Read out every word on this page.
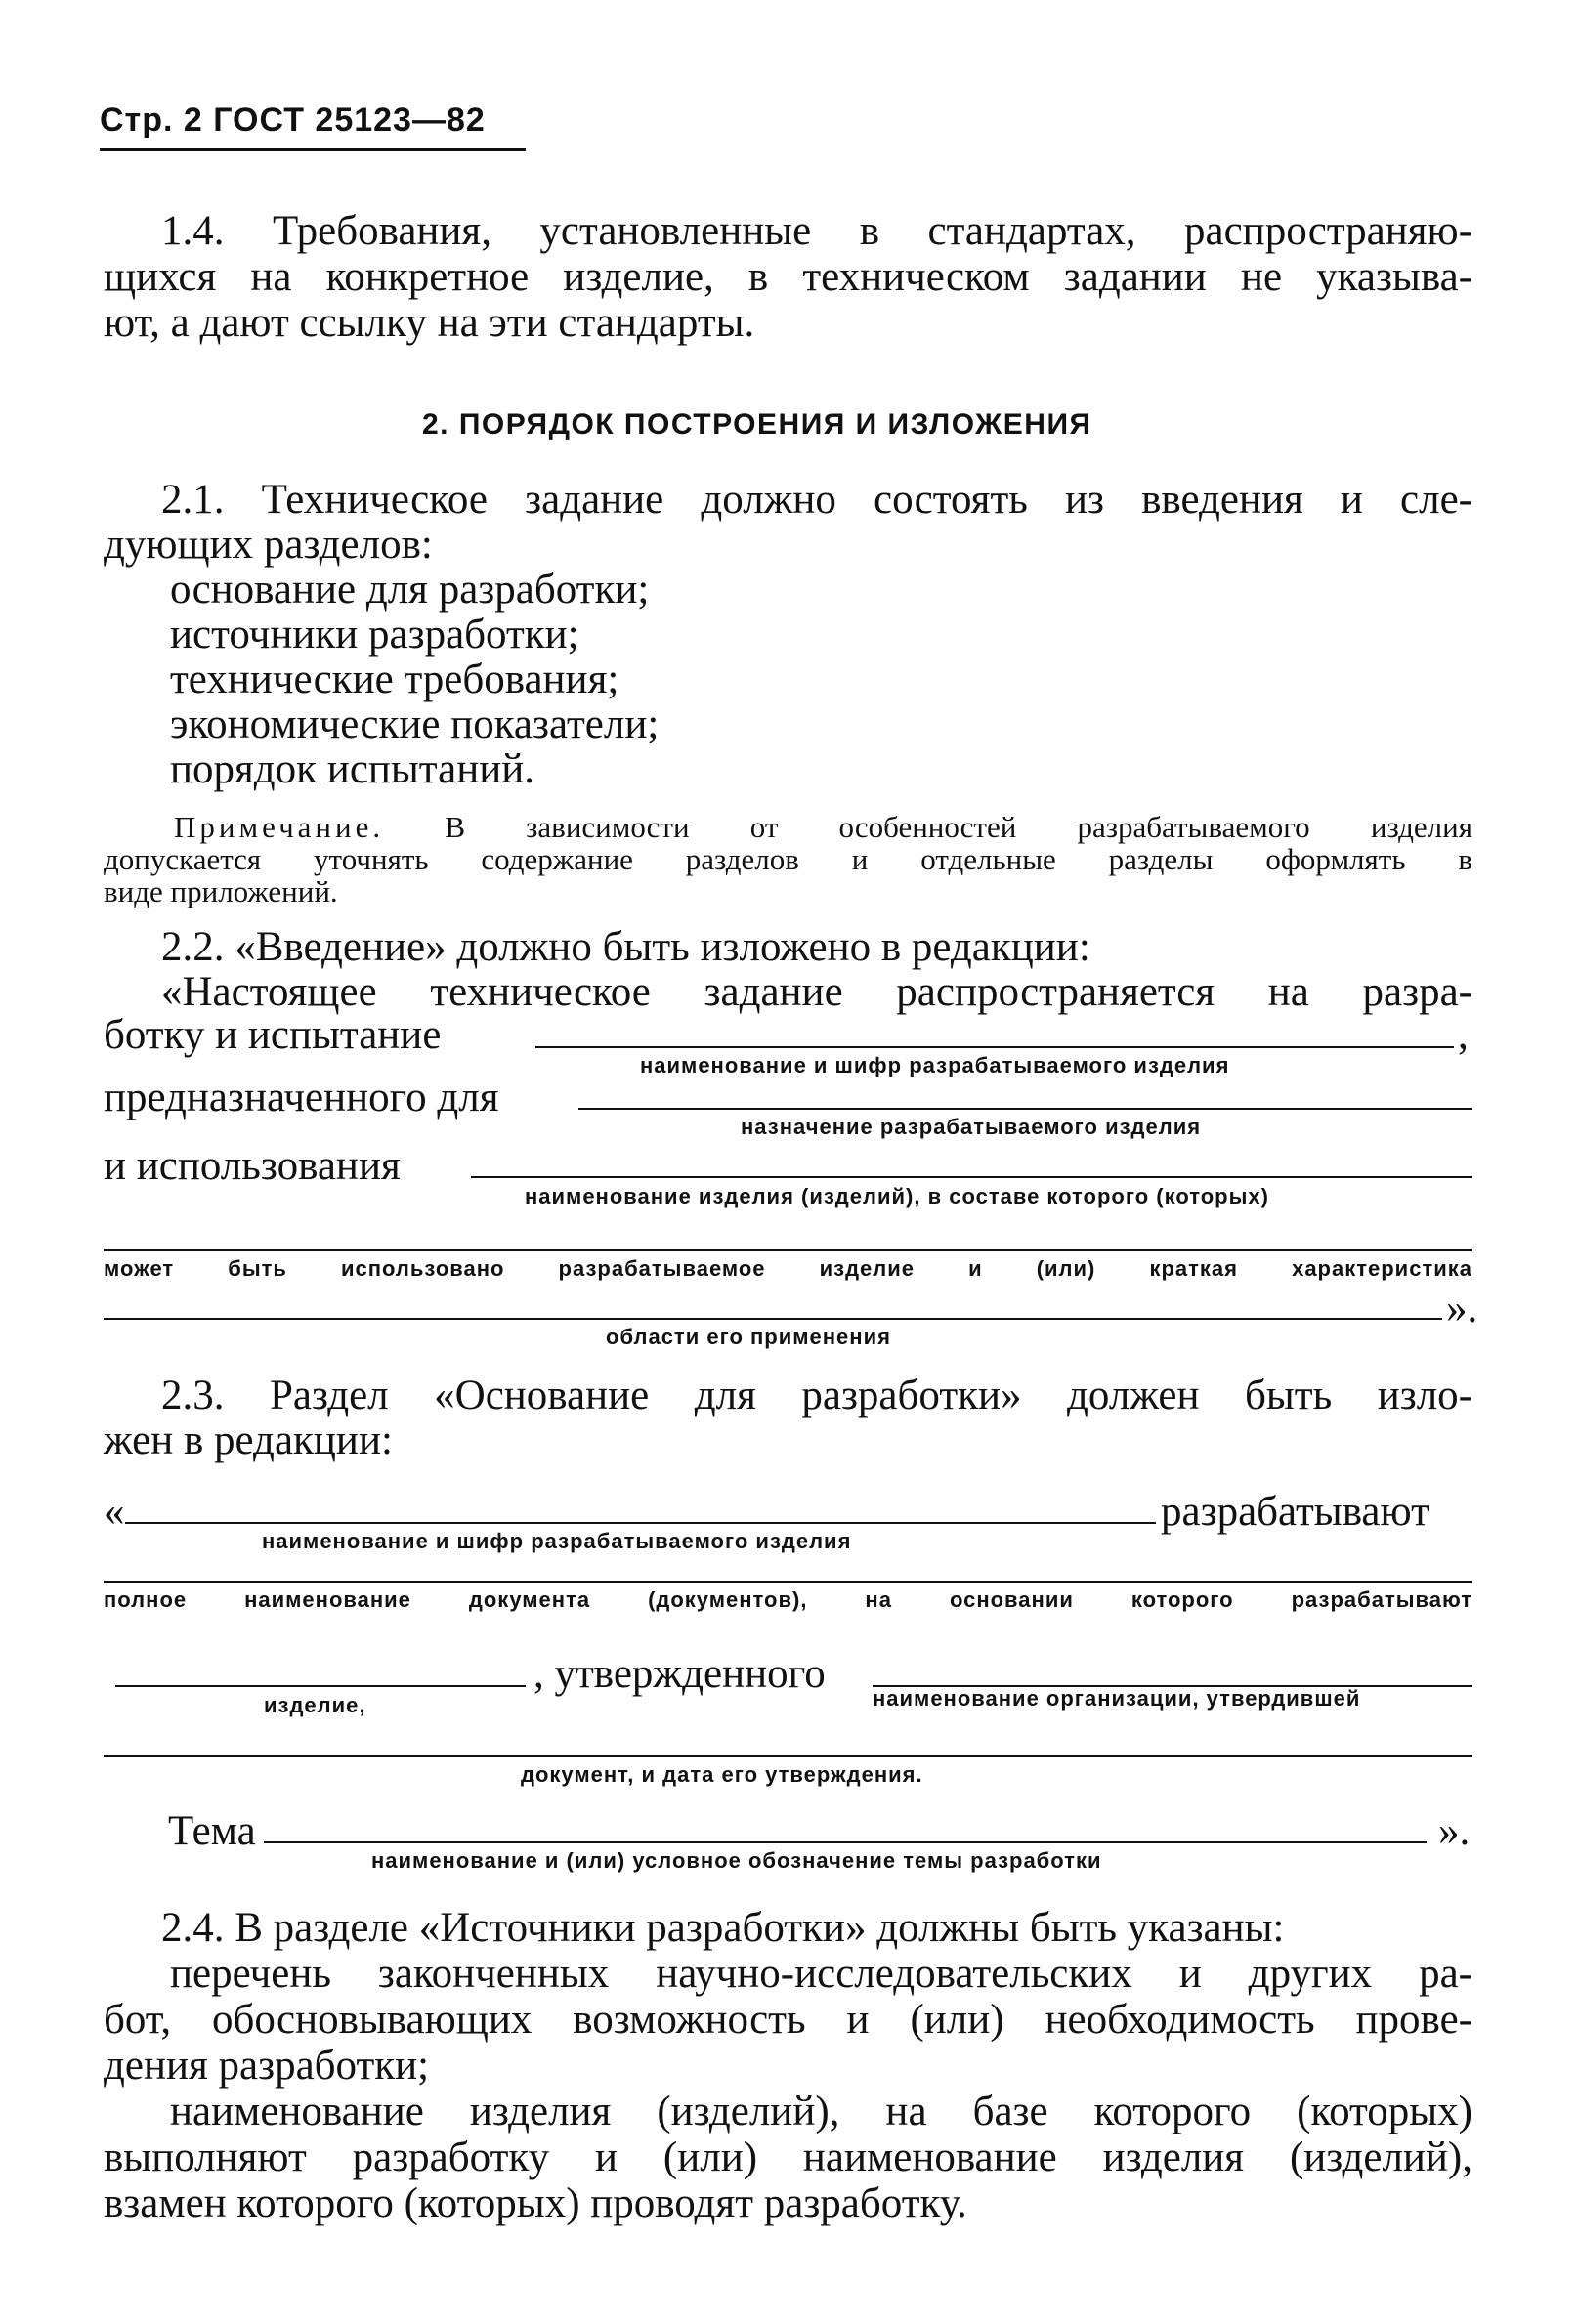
Стр. 2 ГОСТ 25123—82
1.4. Требования, установленные в стандартах, распространяю-
щихся на конкретное изделие, в техническом задании не указыва-
ют, а дают ссылку на эти стандарты.
2. ПОРЯДОК ПОСТРОЕНИЯ И ИЗЛОЖЕНИЯ
2.1. Техническое задание должно состоять из введения и сле-
дующих разделов:
основание для разработки;
источники разработки;
технические требования;
экономические показатели;
порядок испытаний.
Примечание. В зависимости от особенностей разрабатываемого изделия
допускается уточнять содержание разделов и отдельные разделы оформлять в
виде приложений.
2.2. «Введение» должно быть изложено в редакции:
«Настоящее техническое задание распространяется на разра-
ботку и испытание	,
наименование и шифр разрабатываемого изделия
предназначенного для
назначение разрабатываемого изделия
и использования
наименование изделия (изделий), в составе которого (которых)
может быть использовано разрабатываемое изделие и (или) краткая характеристика
».
области его применения
2.3. Раздел «Основание для разработки» должен быть изло-
жен в редакции:
«	разрабатывают
наименование и шифр разрабатываемого изделия
полное наименование документа (документов), на основании которого разрабатывают
, утвержденного
изделие,	наименование организации, утвердившей
документ, и дата его утверждения.
Тема	».
наименование и (или) условное обозначение темы разработки
2.4. В разделе «Источники разработки» должны быть указаны:
перечень законченных научно-исследовательских и других ра-
бот, обосновывающих возможность и (или) необходимость прове-
дения разработки;
наименование изделия (изделий), на базе которого (которых)
выполняют разработку и (или) наименование изделия (изделий),
взамен которого (которых) проводят разработку.
